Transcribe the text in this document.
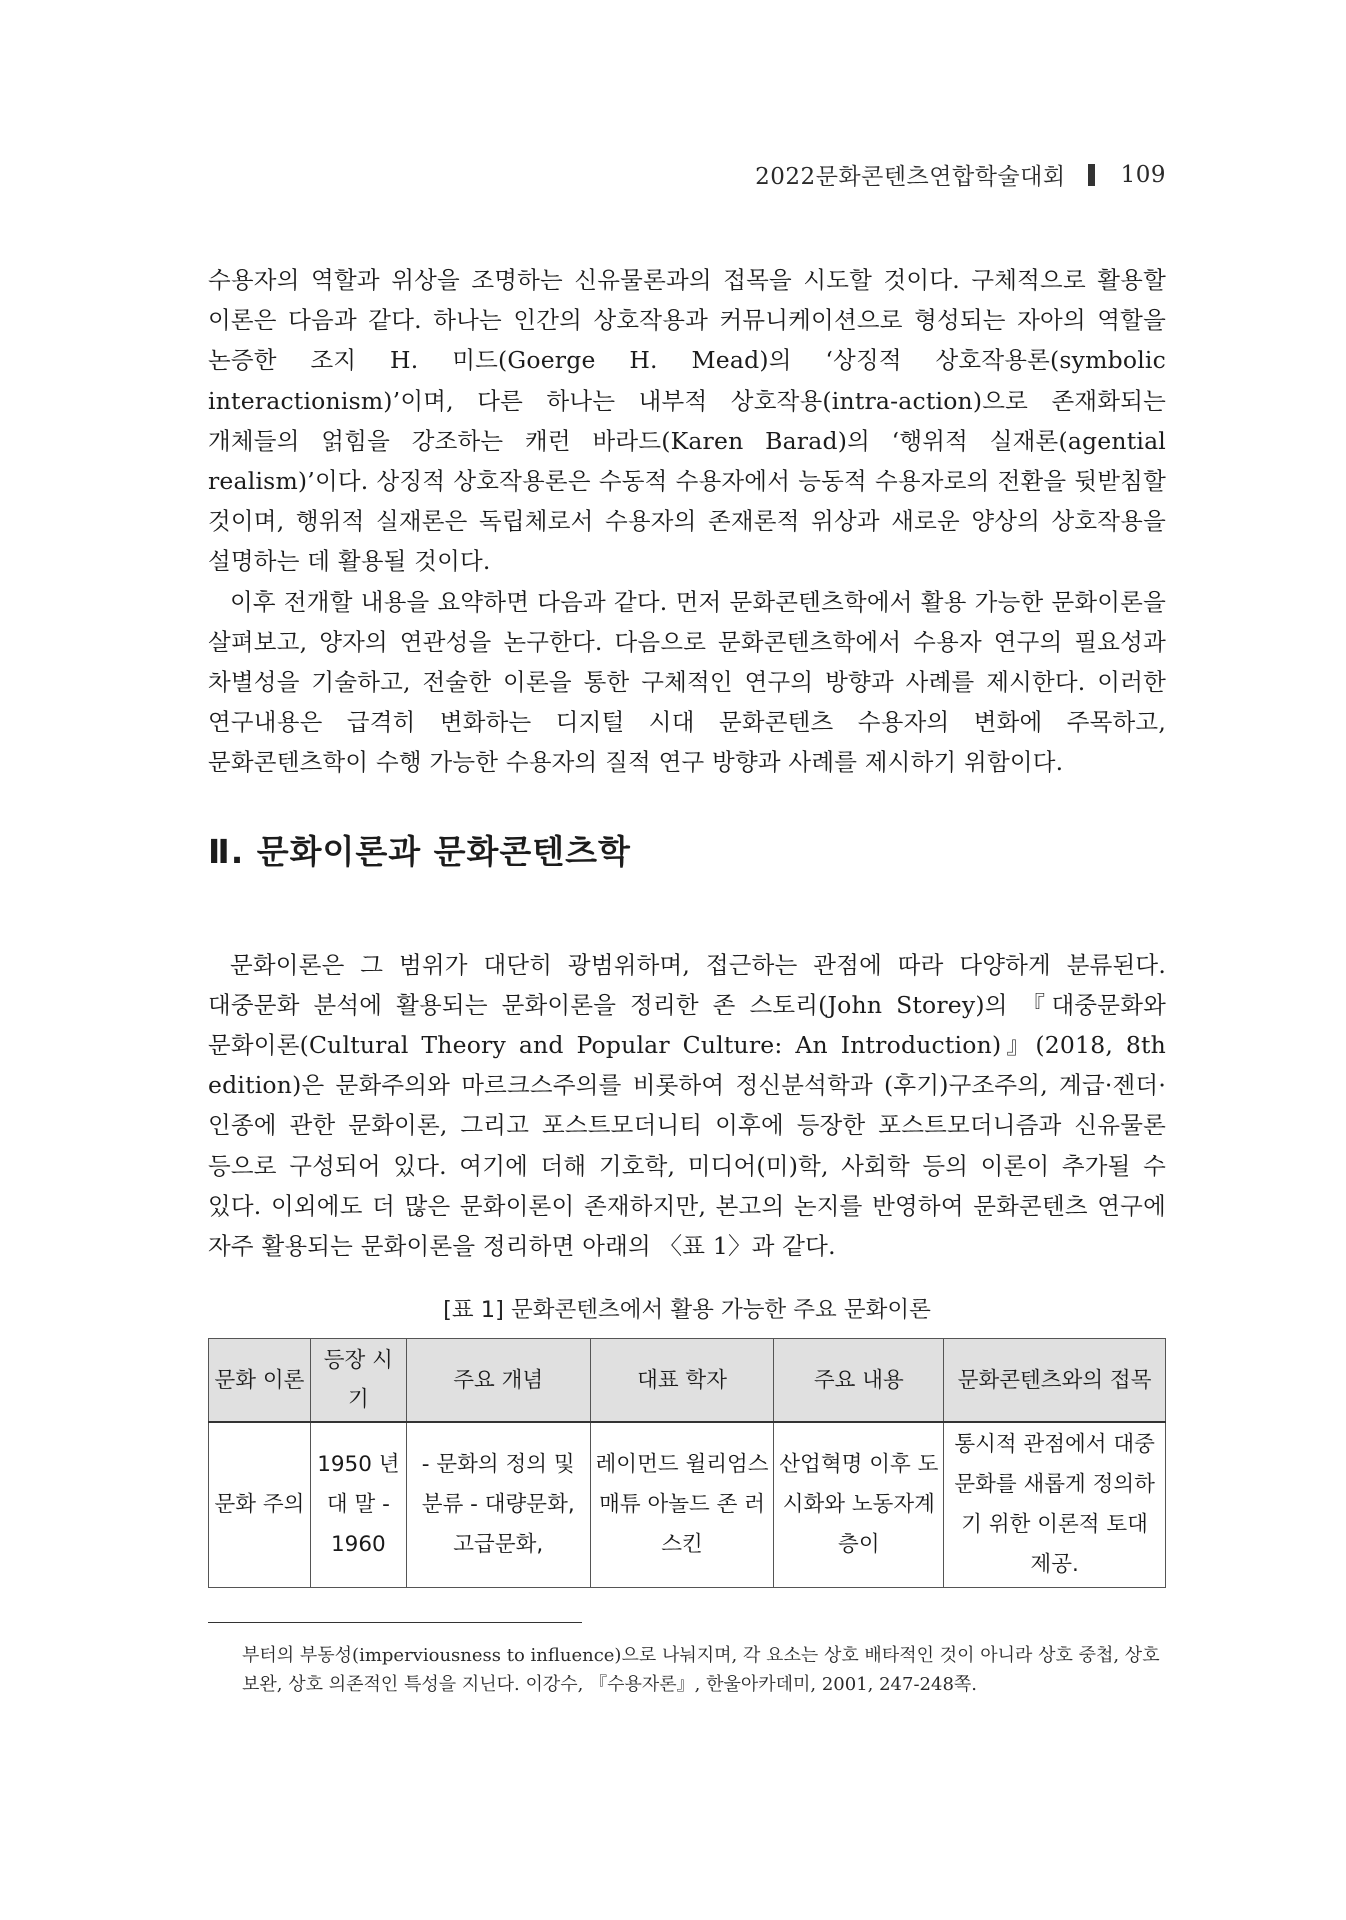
2022문화콘텐츠연합학술대회 109

수용자의 역할과 위상을 조명하는 신유물론과의 접목을 시도할 것이다. 구체적으로 활용할 이론은 다음과 같다. 하나는 인간의 상호작용과 커뮤니케이션으로 형성되는 자아의 역할을 논증한 조지 H. 미드(Goerge H. Mead)의 ‘상징적 상호작용론(symbolic interactionism)’이며, 다른 하나는 내부적 상호작용(intra-action)으로 존재화되는 개체들의 얽힘을 강조하는 캐런 바라드(Karen Barad)의 ‘행위적 실재론(agential realism)’이다. 상징적 상호작용론은 수동적 수용자에서 능동적 수용자로의 전환을 뒷받침할 것이며, 행위적 실재론은 독립체로서 수용자의 존재론적 위상과 새로운 양상의 상호작용을 설명하는 데 활용될 것이다.

이후 전개할 내용을 요약하면 다음과 같다. 먼저 문화콘텐츠학에서 활용 가능한 문화이론을 살펴보고, 양자의 연관성을 논구한다. 다음으로 문화콘텐츠학에서 수용자 연구의 필요성과 차별성을 기술하고, 전술한 이론을 통한 구체적인 연구의 방향과 사례를 제시한다. 이러한 연구내용은 급격히 변화하는 디지털 시대 문화콘텐츠 수용자의 변화에 주목하고, 문화콘텐츠학이 수행 가능한 수용자의 질적 연구 방향과 사례를 제시하기 위함이다.

Ⅱ. 문화이론과 문화콘텐츠학

문화이론은 그 범위가 대단히 광범위하며, 접근하는 관점에 따라 다양하게 분류된다. 대중문화 분석에 활용되는 문화이론을 정리한 존 스토리(John Storey)의 『대중문화와 문화이론(Cultural Theory and Popular Culture: An Introduction)』(2018, 8th edition)은 문화주의와 마르크스주의를 비롯하여 정신분석학과 (후기)구조주의, 계급·젠더·인종에 관한 문화이론, 그리고 포스트모더니티 이후에 등장한 포스트모더니즘과 신유물론 등으로 구성되어 있다. 여기에 더해 기호학, 미디어(미)학, 사회학 등의 이론이 추가될 수 있다. 이외에도 더 많은 문화이론이 존재하지만, 본고의 논지를 반영하여 문화콘텐츠 연구에 자주 활용되는 문화이론을 정리하면 아래의 〈표 1〉과 같다.

[표 1] 문화콘텐츠에서 활용 가능한 주요 문화이론
문화 이론	등장 시기	주요 개념	대표 학자	주요 내용	문화콘텐츠와의 접목
문화 주의	1950 년대 말 - 1960	- 문화의 정의 및 분류 - 대량문화, 고급문화,	레이먼드 윌리엄스 매튜 아놀드 존 러스킨	산업혁명 이후 도시화와 노동자계층이	통시적 관점에서 대중문화를 새롭게 정의하기 위한 이론적 토대 제공.

부터의 부동성(imperviousness to influence)으로 나눠지며, 각 요소는 상호 배타적인 것이 아니라 상호 중첩, 상호 보완, 상호 의존적인 특성을 지닌다. 이강수, 『수용자론』, 한울아카데미, 2001, 247-248쪽.
